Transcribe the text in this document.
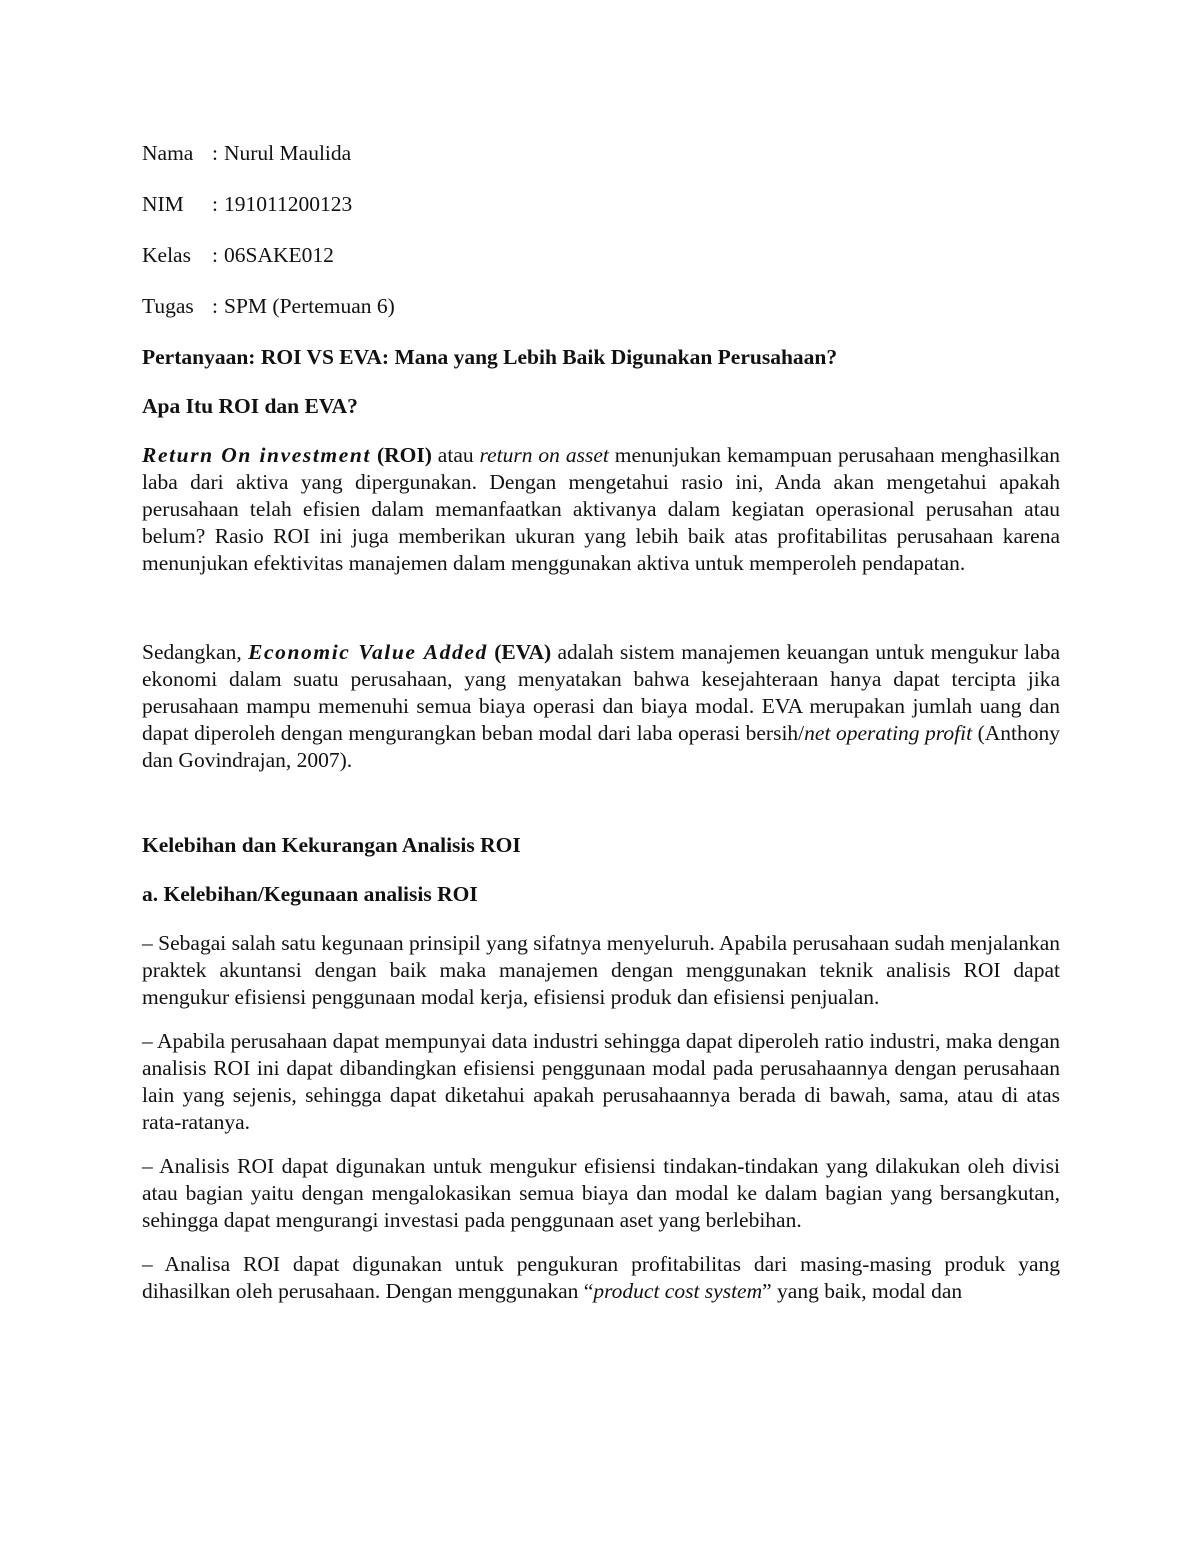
Nama : Nurul Maulida
NIM	: 191011200123
Kelas : 06SAKE012
Tugas : SPM (Pertemuan 6)

Pertanyaan: ROI VS EVA: Mana yang Lebih Baik Digunakan Perusahaan?

Apa Itu ROI dan EVA?

Return On investment (ROI) atau return on asset menunjukan kemampuan perusahaan menghasilkan laba dari aktiva yang dipergunakan. Dengan mengetahui rasio ini, Anda akan mengetahui apakah perusahaan telah efisien dalam memanfaatkan aktivanya dalam kegiatan operasional perusahan atau belum? Rasio ROI ini juga memberikan ukuran yang lebih baik atas profitabilitas perusahaan karena menunjukan efektivitas manajemen dalam menggunakan aktiva untuk memperoleh pendapatan.

Sedangkan, Economic Value Added (EVA) adalah sistem manajemen keuangan untuk mengukur laba ekonomi dalam suatu perusahaan, yang menyatakan bahwa kesejahteraan hanya dapat tercipta jika perusahaan mampu memenuhi semua biaya operasi dan biaya modal. EVA merupakan jumlah uang dan dapat diperoleh dengan mengurangkan beban modal dari laba operasi bersih/net operating profit (Anthony dan Govindrajan, 2007).

Kelebihan dan Kekurangan Analisis ROI

a. Kelebihan/Kegunaan analisis ROI

– Sebagai salah satu kegunaan prinsipil yang sifatnya menyeluruh. Apabila perusahaan sudah menjalankan praktek akuntansi dengan baik maka manajemen dengan menggunakan teknik analisis ROI dapat mengukur efisiensi penggunaan modal kerja, efisiensi produk dan efisiensi penjualan.

– Apabila perusahaan dapat mempunyai data industri sehingga dapat diperoleh ratio industri, maka dengan analisis ROI ini dapat dibandingkan efisiensi penggunaan modal pada perusahaannya dengan perusahaan lain yang sejenis, sehingga dapat diketahui apakah perusahaannya berada di bawah, sama, atau di atas rata-ratanya.

– Analisis ROI dapat digunakan untuk mengukur efisiensi tindakan-tindakan yang dilakukan oleh divisi atau bagian yaitu dengan mengalokasikan semua biaya dan modal ke dalam bagian yang bersangkutan, sehingga dapat mengurangi investasi pada penggunaan aset yang berlebihan.

– Analisa ROI dapat digunakan untuk pengukuran profitabilitas dari masing-masing produk yang dihasilkan oleh perusahaan. Dengan menggunakan “product cost system” yang baik, modal dan
